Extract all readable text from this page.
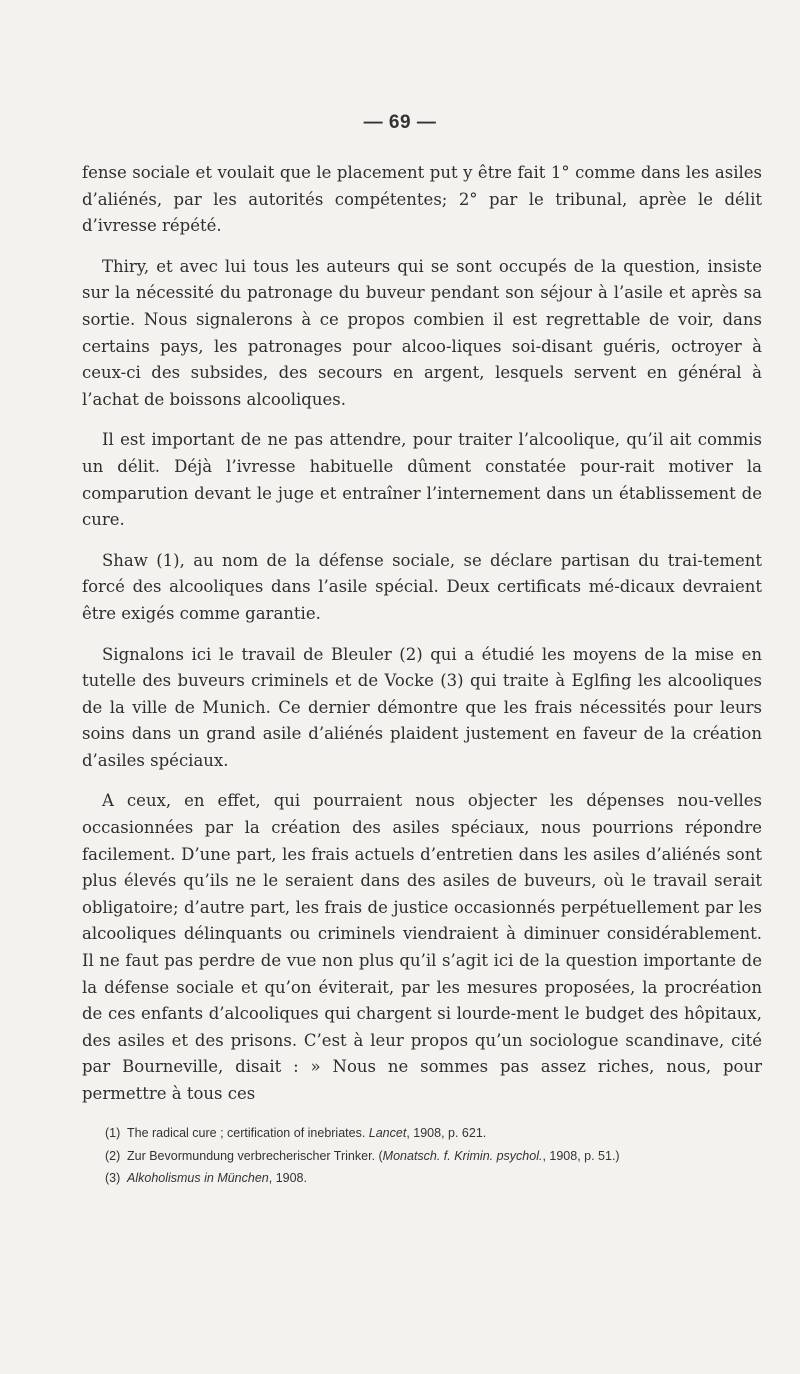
— 69 —

fense sociale et voulait que le placement put y être fait 1° comme dans les asiles d’aliénés, par les autorités compétentes; 2° par le tribunal, aprèe le délit d’ivresse répété.

Thiry, et avec lui tous les auteurs qui se sont occupés de la question, insiste sur la nécessité du patronage du buveur pendant son séjour à l’asile et après sa sortie. Nous signalerons à ce propos combien il est regrettable de voir, dans certains pays, les patronages pour alcoo-liques soi-disant guéris, octroyer à ceux-ci des subsides, des secours en argent, lesquels servent en général à l’achat de boissons alcooliques.

Il est important de ne pas attendre, pour traiter l’alcoolique, qu’il ait commis un délit. Déjà l’ivresse habituelle dûment constatée pour-rait motiver la comparution devant le juge et entraîner l’internement dans un établissement de cure.

Shaw (1), au nom de la défense sociale, se déclare partisan du trai-tement forcé des alcooliques dans l’asile spécial. Deux certificats mé-dicaux devraient être exigés comme garantie.

Signalons ici le travail de Bleuler (2) qui a étudié les moyens de la mise en tutelle des buveurs criminels et de Vocke (3) qui traite à Eglfing les alcooliques de la ville de Munich. Ce dernier démontre que les frais nécessités pour leurs soins dans un grand asile d’aliénés plaident justement en faveur de la création d’asiles spéciaux.

A ceux, en effet, qui pourraient nous objecter les dépenses nou-velles occasionnées par la création des asiles spéciaux, nous pourrions répondre facilement. D’une part, les frais actuels d’entretien dans les asiles d’aliénés sont plus élevés qu’ils ne le seraient dans des asiles de buveurs, où le travail serait obligatoire; d’autre part, les frais de justice occasionnés perpétuellement par les alcooliques délinquants ou criminels viendraient à diminuer considérablement. Il ne faut pas perdre de vue non plus qu’il s’agit ici de la question importante de la défense sociale et qu’on éviterait, par les mesures proposées, la procréation de ces enfants d’alcooliques qui chargent si lourde-ment le budget des hôpitaux, des asiles et des prisons. C’est à leur propos qu’un sociologue scandinave, cité par Bourneville, disait : » Nous ne sommes pas assez riches, nous, pour permettre à tous ces

(1) The radical cure ; certification of inebriates. Lancet, 1908, p. 621.
(2) Zur Bevormundung verbrecherischer Trinker. (Monatsch. f. Krimin. psychol., 1908, p. 51.)
(3) Alkoholismus in München, 1908.
